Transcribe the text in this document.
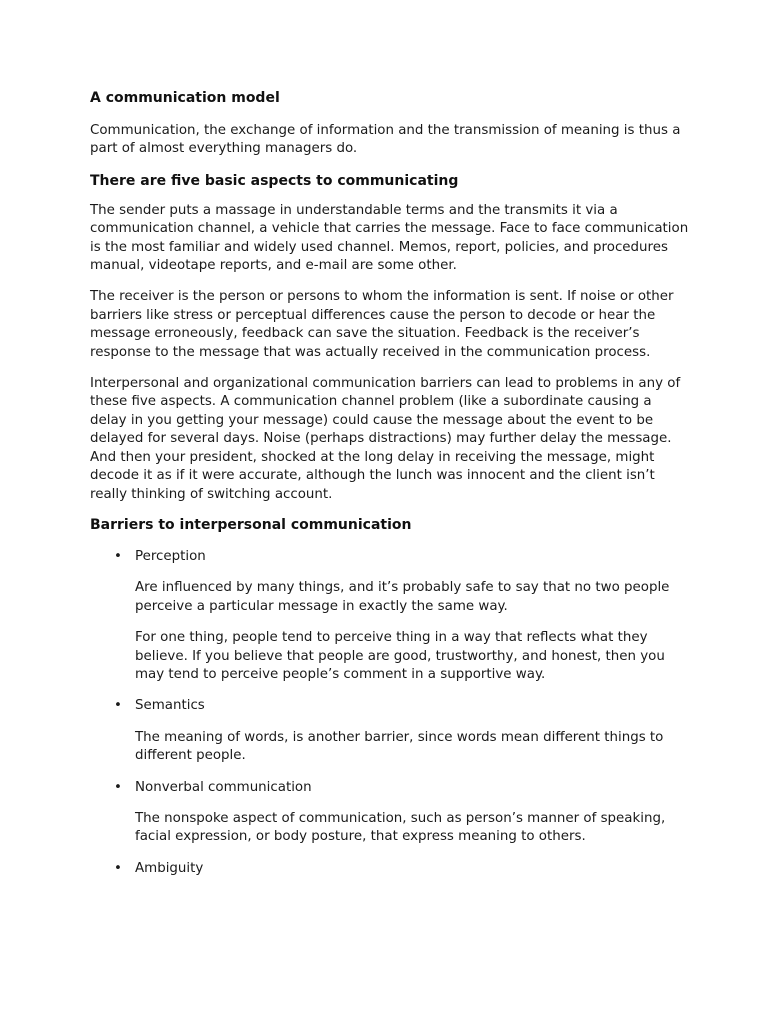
A communication model

Communication, the exchange of information and the transmission of meaning is thus a part of almost everything managers do.

There are five basic aspects to communicating

The sender puts a massage in understandable terms and the transmits it via a communication channel, a vehicle that carries the message. Face to face communication is the most familiar and widely used channel. Memos, report, policies, and procedures manual, videotape reports, and e-mail are some other.

The receiver is the person or persons to whom the information is sent. If noise or other barriers like stress or perceptual differences cause the person to decode or hear the message erroneously, feedback can save the situation. Feedback is the receiver’s response to the message that was actually received in the communication process.

Interpersonal and organizational communication barriers can lead to problems in any of these five aspects. A communication channel problem (like a subordinate causing a delay in you getting your message) could cause the message about the event to be delayed for several days. Noise (perhaps distractions) may further delay the message. And then your president, shocked at the long delay in receiving the message, might decode it as if it were accurate, although the lunch was innocent and the client isn’t really thinking of switching account.

Barriers to interpersonal communication
• Perception

Are influenced by many things, and it’s probably safe to say that no two people perceive a particular message in exactly the same way.

For one thing, people tend to perceive thing in a way that reflects what they believe. If you believe that people are good, trustworthy, and honest, then you may tend to perceive people’s comment in a supportive way.

• Semantics

The meaning of words, is another barrier, since words mean different things to different people.

• Nonverbal communication

The nonspoke aspect of communication, such as person’s manner of speaking, facial expression, or body posture, that express meaning to others.

• Ambiguity
